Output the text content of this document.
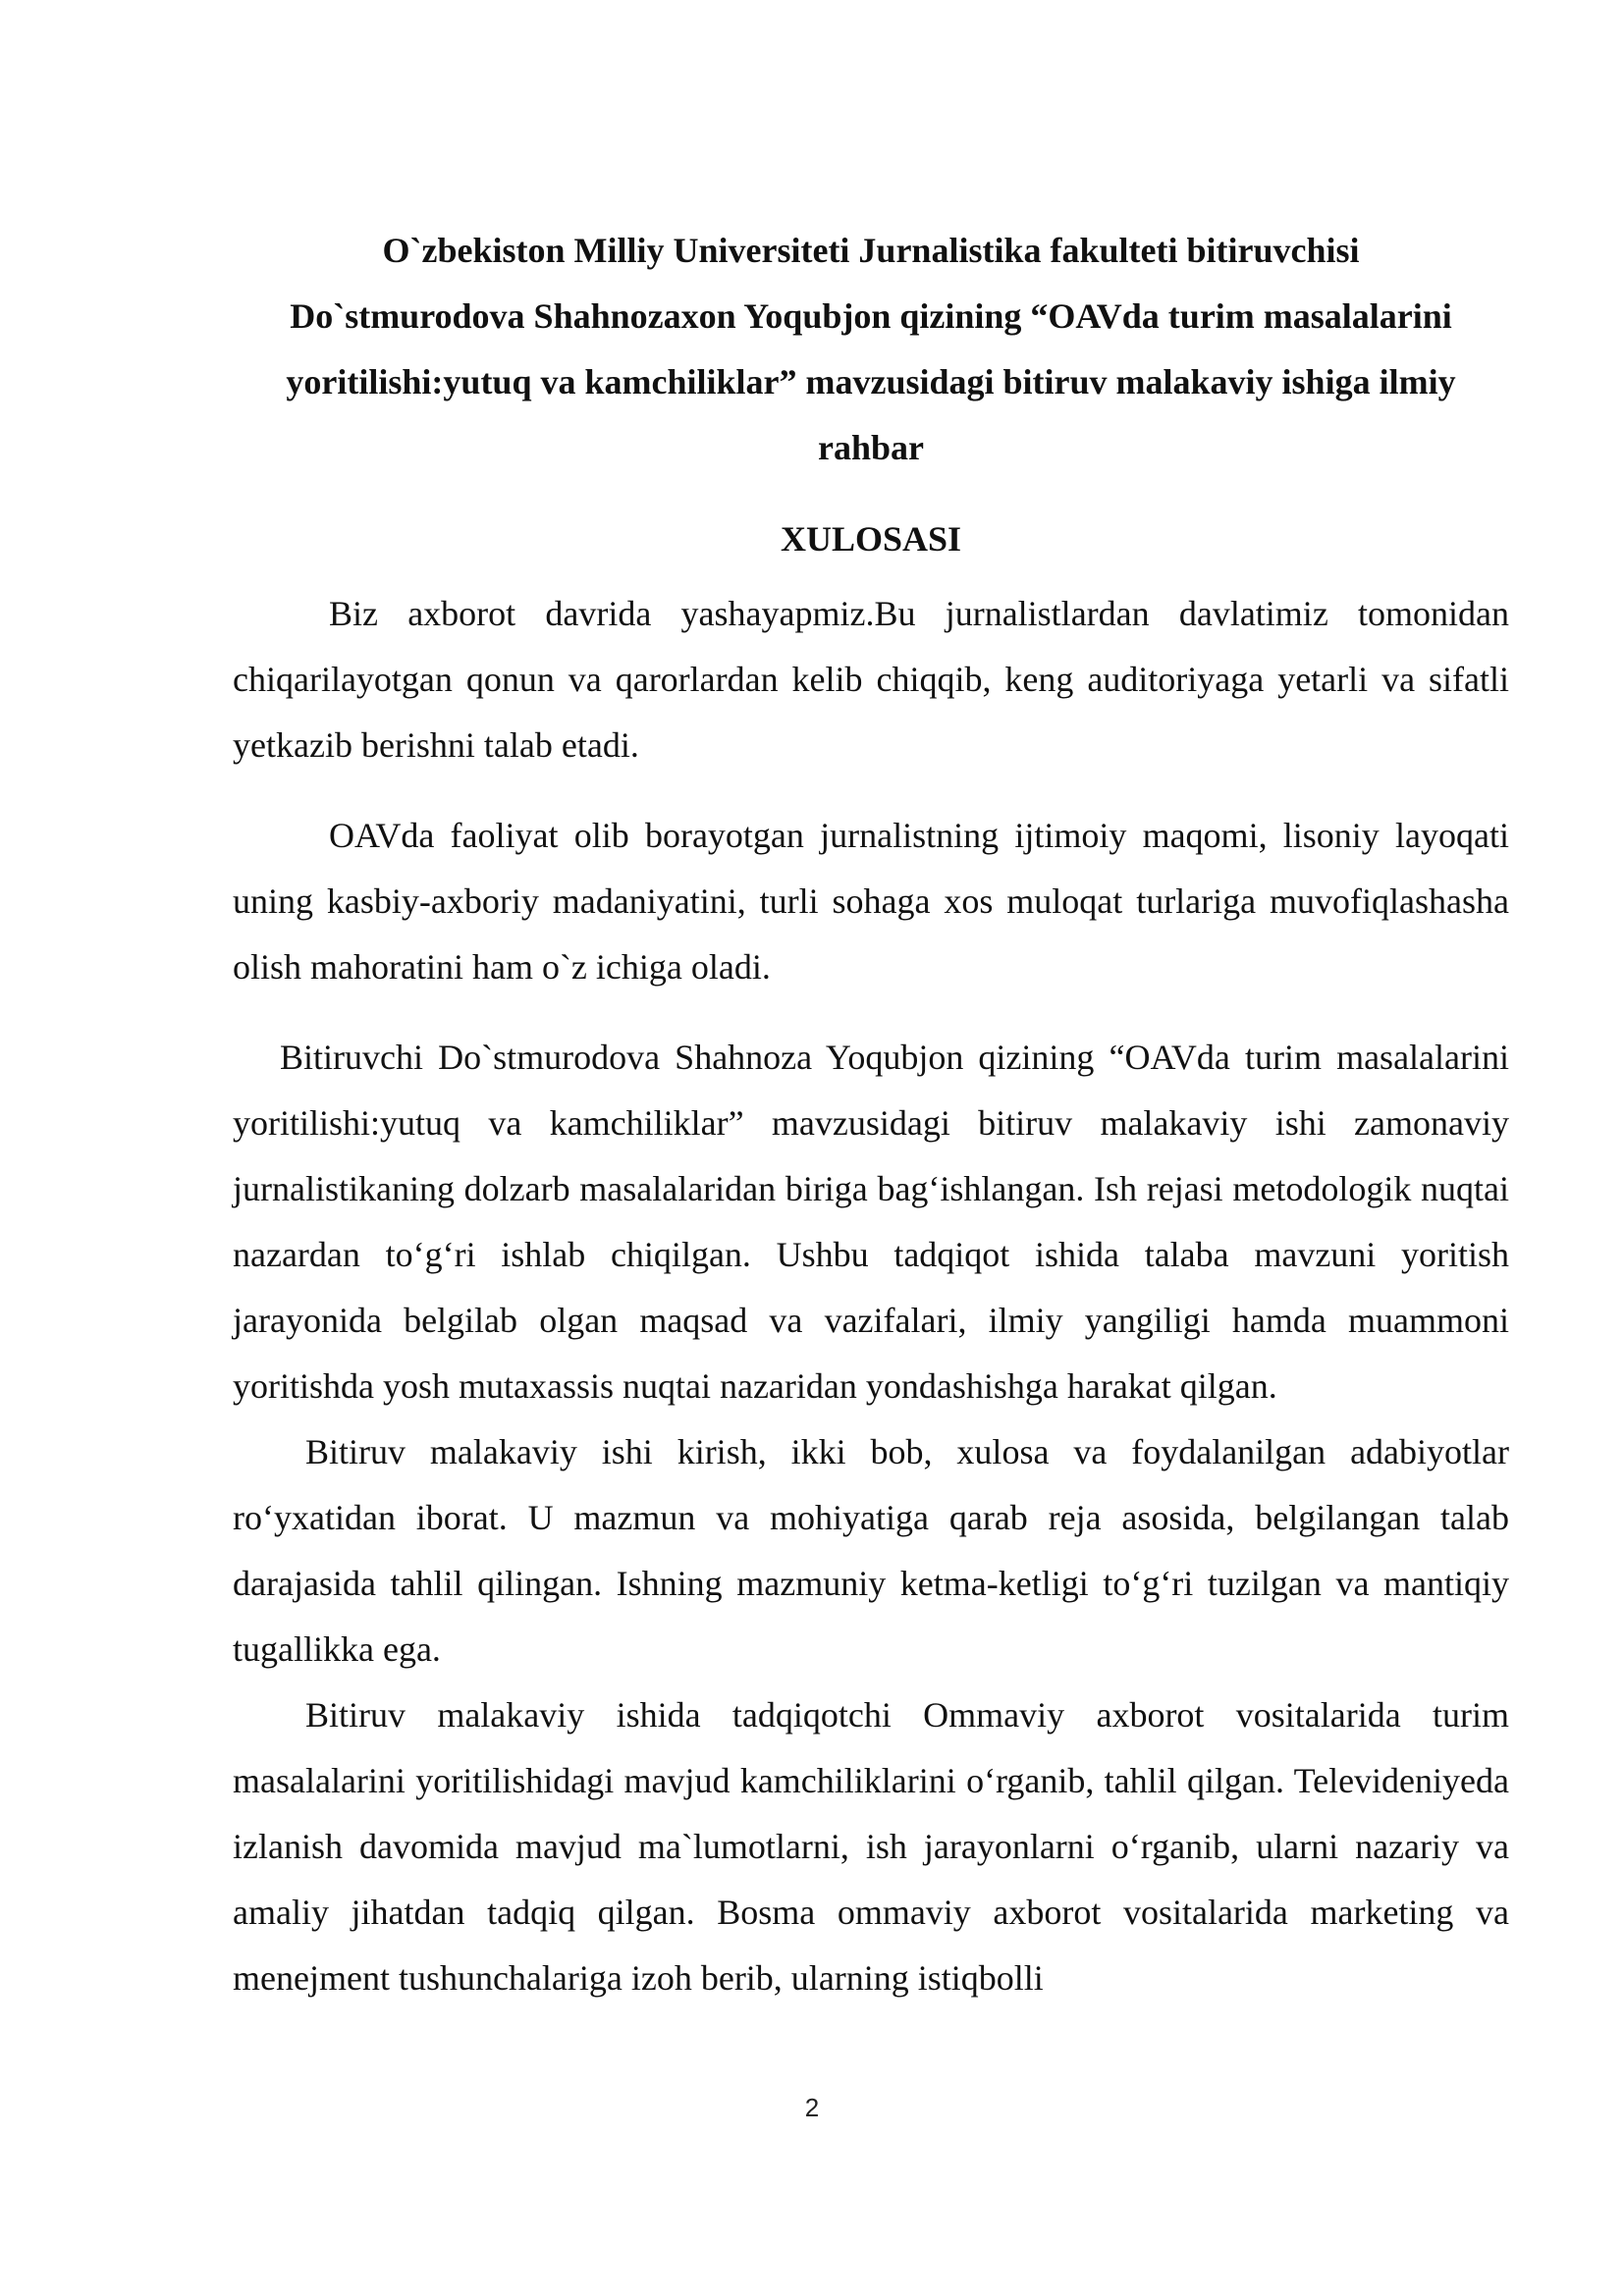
O`zbekiston Milliy Universiteti Jurnalistika fakulteti bitiruvchisi
Do`stmurodova Shahnozaxon Yoqubjon qizining “OAVda turim masalalarini
yoritilishi:yutuq va kamchiliklar” mavzusidagi bitiruv malakaviy ishiga ilmiy
rahbar
XULOSASI

Biz axborot davrida yashayapmiz.Bu jurnalistlardan davlatimiz tomonidan chiqarilayotgan qonun va qarorlardan kelib chiqqib, keng auditoriyaga yetarli va sifatli yetkazib berishni talab etadi.

OAVda faoliyat olib borayotgan jurnalistning ijtimoiy maqomi, lisoniy layoqati uning kasbiy-axboriy madaniyatini, turli sohaga xos muloqat turlariga muvofiqlashasha olish mahoratini ham o`z ichiga oladi.

Bitiruvchi Do`stmurodova Shahnoza Yoqubjon qizining “OAVda turim masalalarini yoritilishi:yutuq va kamchiliklar” mavzusidagi bitiruv malakaviy ishi zamonaviy jurnalistikaning dolzarb masalalaridan biriga bag‘ishlangan. Ish rejasi metodologik nuqtai nazardan to‘g‘ri ishlab chiqilgan. Ushbu tadqiqot ishida talaba mavzuni yoritish jarayonida belgilab olgan maqsad va vazifalari, ilmiy yangiligi hamda muammoni yoritishda yosh mutaxassis nuqtai nazaridan yondashishga harakat qilgan.

Bitiruv malakaviy ishi kirish, ikki bob, xulosa va foydalanilgan adabiyotlar ro‘yxatidan iborat. U mazmun va mohiyatiga qarab reja asosida, belgilangan talab darajasida tahlil qilingan. Ishning mazmuniy ketma-ketligi to‘g‘ri tuzilgan va mantiqiy tugallikka ega.

Bitiruv malakaviy ishida tadqiqotchi Ommaviy axborot vositalarida turim masalalarini yoritilishidagi mavjud kamchiliklarini o‘rganib, tahlil qilgan. Televideniyeda izlanish davomida mavjud ma`lumotlarni, ish jarayonlarni o‘rganib, ularni nazariy va amaliy jihatdan tadqiq qilgan. Bosma ommaviy axborot vositalarida marketing va menejment tushunchalariga izoh berib, ularning istiqbolli

2
